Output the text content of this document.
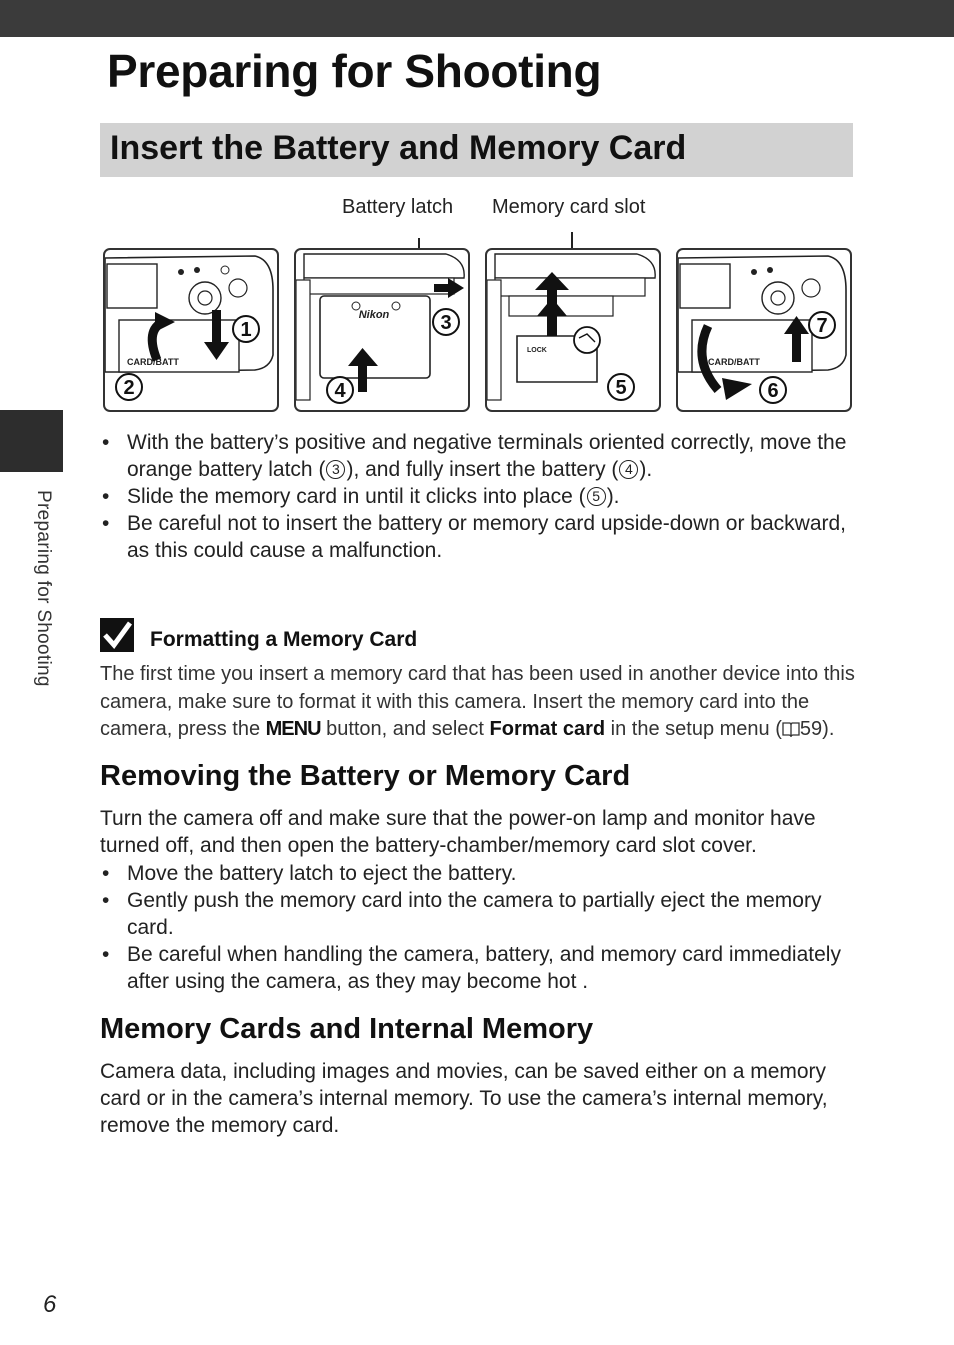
Preparing for Shooting
Preparing for Shooting
Insert the Battery and Memory Card
Battery latch Memory card slot
CARD/BATT
1
2
Nikon	3
4
LOCK
5
CARD/BATT
7
6
• With the battery’s positive and negative terminals oriented correctly, move the orange battery latch ( 3 ), and fully insert the battery ( 4 ).
• Slide the memory card in until it clicks into place ( 5 ).
• Be careful not to insert the battery or memory card upside-down or backward, as this could cause a malfunction.
Formatting a Memory Card
The first time you insert a memory card that has been used in another device into this camera, make sure to format it with this camera. Insert the memory card into the camera, press the MENU button, and select Format card in the setup menu ( 59).
Removing the Battery or Memory Card
Turn the camera off and make sure that the power-on lamp and monitor have turned off, and then open the battery-chamber/memory card slot cover.
• Move the battery latch to eject the battery.
• Gently push the memory card into the camera to partially eject the memory card.
• Be careful when handling the camera, battery, and memory card immediately after using the camera, as they may become hot .
Memory Cards and Internal Memory
Camera data, including images and movies, can be saved either on a memory card or in the camera’s internal memory. To use the camera’s internal memory, remove the memory card.
6
